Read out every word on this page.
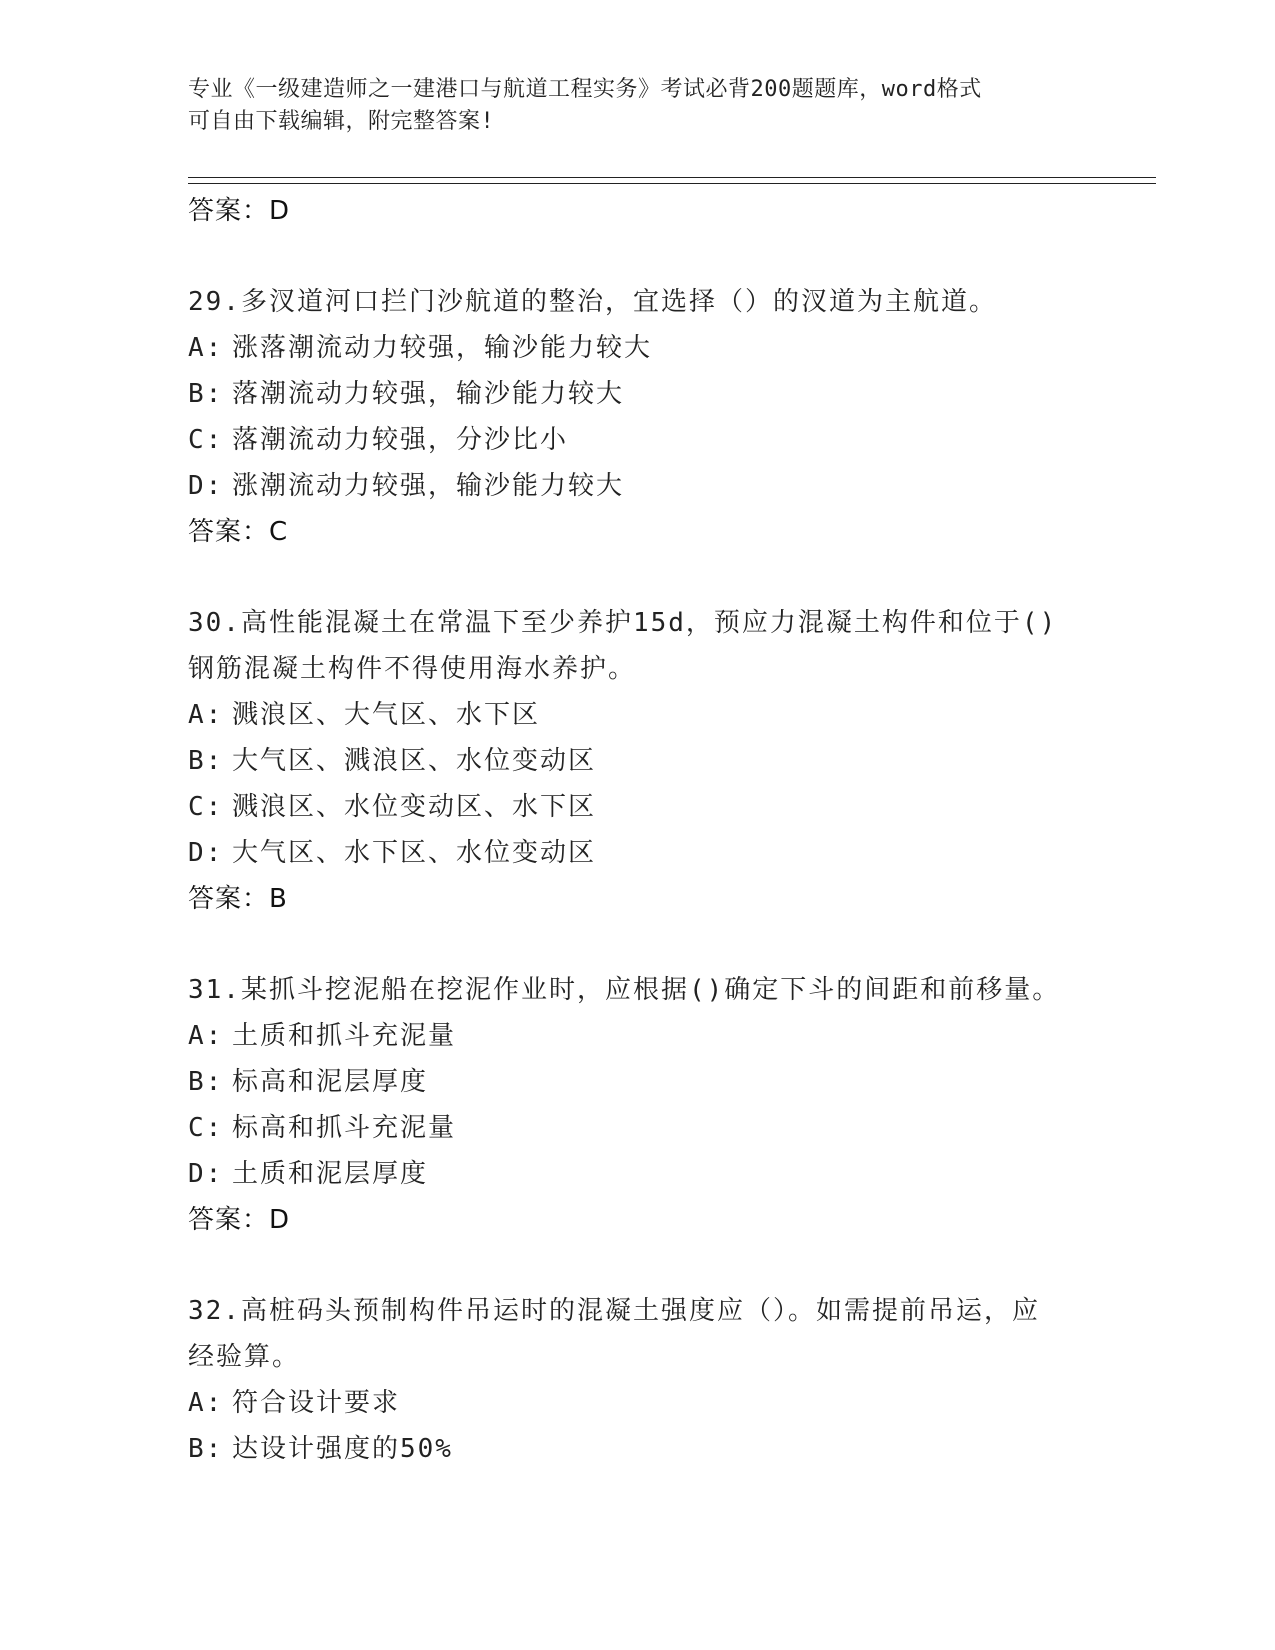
专业《一级建造师之一建港口与航道工程实务》考试必背200题题库，word格式
可自由下载编辑，附完整答案!
答案：D
29.多汊道河口拦门沙航道的整治，宜选择（）的汊道为主航道。
A: 涨落潮流动力较强，输沙能力较大
B: 落潮流动力较强，输沙能力较大
C: 落潮流动力较强，分沙比小
D: 涨潮流动力较强，输沙能力较大
答案：C
30.高性能混凝土在常温下至少养护15d，预应力混凝土构件和位于()
钢筋混凝土构件不得使用海水养护。
A: 溅浪区、大气区、水下区
B: 大气区、溅浪区、水位变动区
C: 溅浪区、水位变动区、水下区
D: 大气区、水下区、水位变动区
答案：B
31.某抓斗挖泥船在挖泥作业时，应根据()确定下斗的间距和前移量。
A: 土质和抓斗充泥量
B: 标高和泥层厚度
C: 标高和抓斗充泥量
D: 土质和泥层厚度
答案：D
32.高桩码头预制构件吊运时的混凝土强度应（）。如需提前吊运，应
经验算。
A: 符合设计要求
B: 达设计强度的50%
